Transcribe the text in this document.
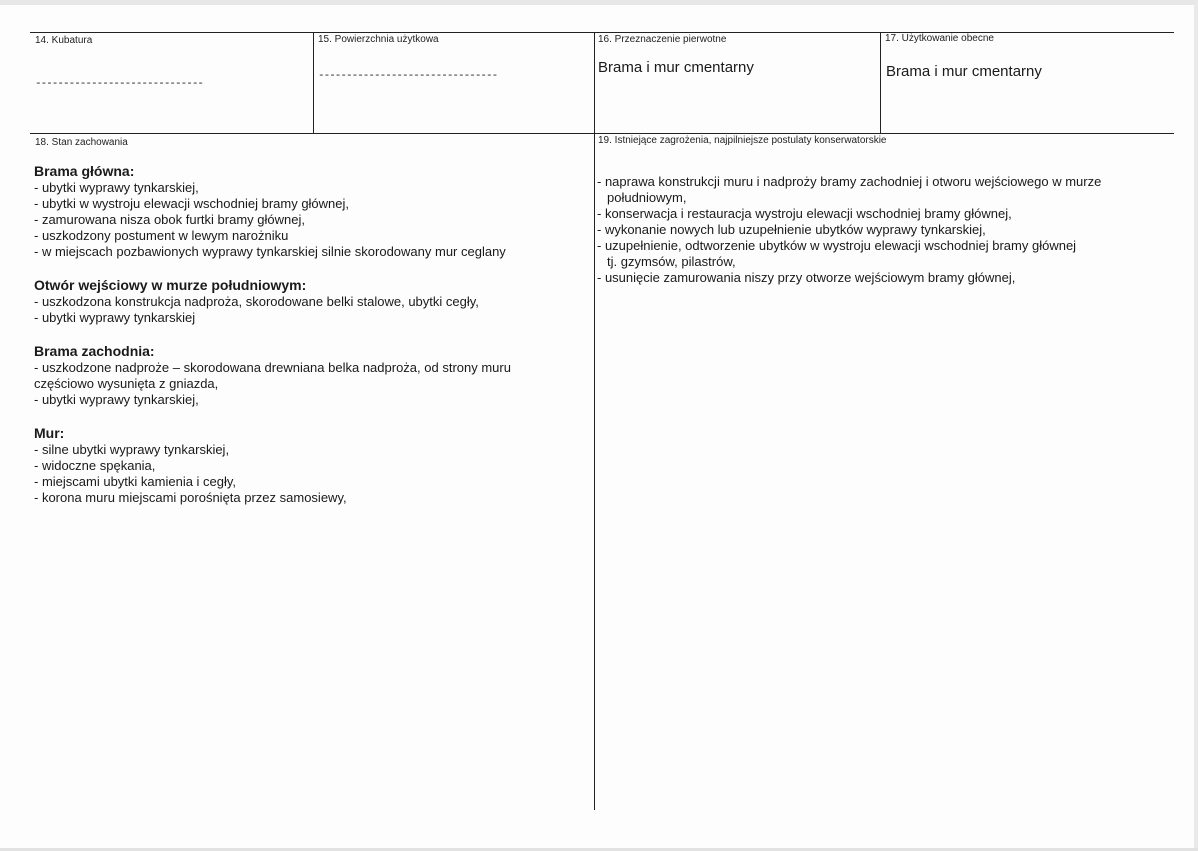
14. Kubatura
------------------------------
15. Powierzchnia użytkowa
--------------------------------
16. Przeznaczenie pierwotne
Brama i mur cmentarny
17. Użytkowanie obecne
Brama i mur cmentarny
18. Stan zachowania	19. Istniejące zagrożenia, najpilniejsze postulaty konserwatorskie
Brama główna:
- ubytki wyprawy tynkarskiej,
- ubytki w wystroju elewacji wschodniej bramy głównej,
- zamurowana nisza obok furtki bramy głównej,
- uszkodzony postument w lewym narożniku
- w miejscach pozbawionych wyprawy tynkarskiej silnie skorodowany mur ceglany
Otwór wejściowy w murze południowym:
- uszkodzona konstrukcja nadproża, skorodowane belki stalowe, ubytki cegły,
- ubytki wyprawy tynkarskiej
Brama zachodnia:
- uszkodzone nadproże – skorodowana drewniana belka nadproża, od strony muru
częściowo wysunięta z gniazda,
- ubytki wyprawy tynkarskiej,
Mur:
- silne ubytki wyprawy tynkarskiej,
- widoczne spękania,
- miejscami ubytki kamienia i cegły,
- korona muru miejscami porośnięta przez samosiewy,
- naprawa konstrukcji muru i nadproży bramy zachodniej i otworu wejściowego w murze
południowym,
- konserwacja i restauracja wystroju elewacji wschodniej bramy głównej,
- wykonanie nowych lub uzupełnienie ubytków wyprawy tynkarskiej,
- uzupełnienie, odtworzenie ubytków w wystroju elewacji wschodniej bramy głównej
tj. gzymsów, pilastrów,
- usunięcie zamurowania niszy przy otworze wejściowym bramy głównej,
